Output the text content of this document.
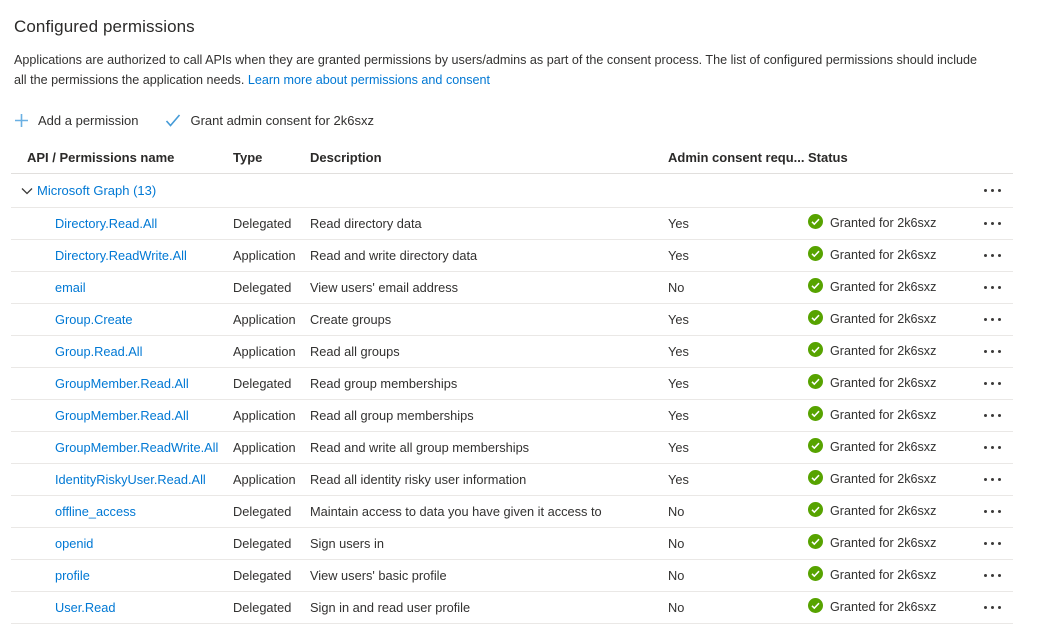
Configured permissions
Applications are authorized to call APIs when they are granted permissions by users/admins as part of the consent process. The list of configured permissions should include
all the permissions the application needs. Learn more about permissions and consent
Add a permission	Grant admin consent for 2k6sxz
API / Permissions name	Type	Description	Admin consent requ... Status
Microsoft Graph (13)
Directory.Read.All	Delegated	Read directory data	Yes	Granted for 2k6sxz
Directory.ReadWrite.All	Application	Read and write directory data	Yes	Granted for 2k6sxz
email	Delegated	View users' email address	No	Granted for 2k6sxz
Group.Create	Application	Create groups	Yes	Granted for 2k6sxz
Group.Read.All	Application	Read all groups	Yes	Granted for 2k6sxz
GroupMember.Read.All	Delegated	Read group memberships	Yes	Granted for 2k6sxz
GroupMember.Read.All	Application	Read all group memberships	Yes	Granted for 2k6sxz
GroupMember.ReadWrite.All	Application	Read and write all group memberships	Yes	Granted for 2k6sxz
IdentityRiskyUser.Read.All	Application	Read all identity risky user information	Yes	Granted for 2k6sxz
offline_access	Delegated	Maintain access to data you have given it access to	No	Granted for 2k6sxz
openid	Delegated	Sign users in	No	Granted for 2k6sxz
profile	Delegated	View users' basic profile	No	Granted for 2k6sxz
User.Read	Delegated	Sign in and read user profile	No	Granted for 2k6sxz
